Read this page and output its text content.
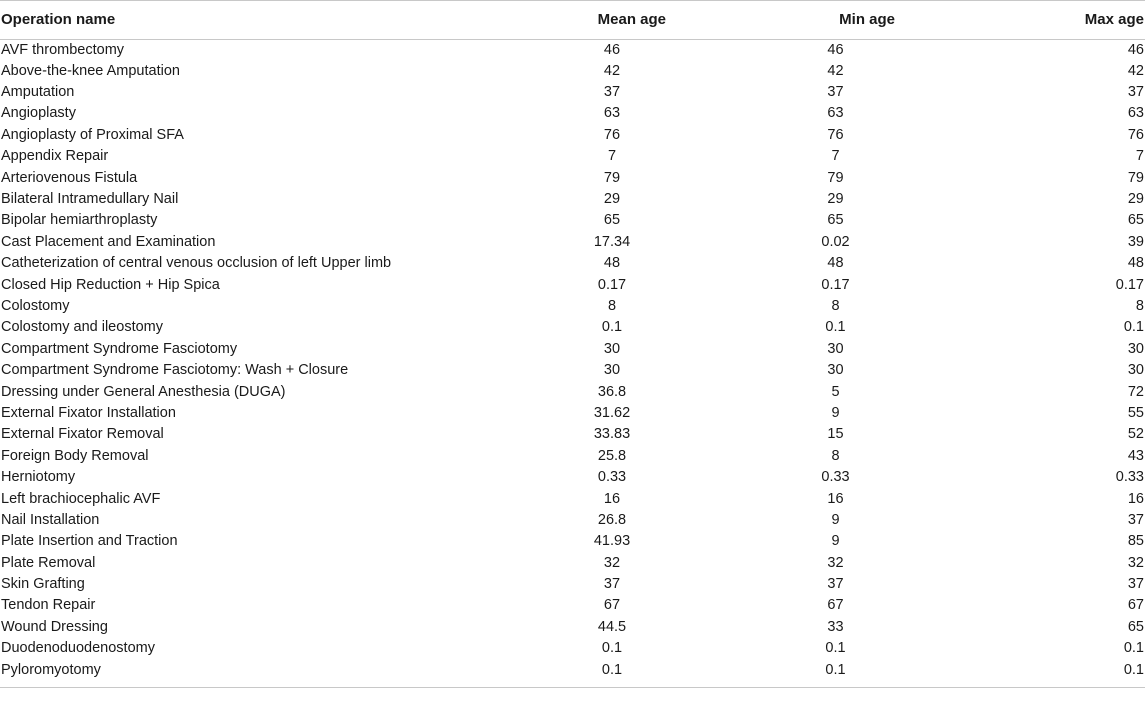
Operation name	Mean age	Min age	Max age
AVF thrombectomy	46	46	46
Above-the-knee Amputation	42	42	42
Amputation	37	37	37
Angioplasty	63	63	63
Angioplasty of Proximal SFA	76	76	76
Appendix Repair	7	7	7
Arteriovenous Fistula	79	79	79
Bilateral Intramedullary Nail	29	29	29
Bipolar hemiarthroplasty	65	65	65
Cast Placement and Examination	17.34	0.02	39
Catheterization of central venous occlusion of left Upper limb	48	48	48
Closed Hip Reduction + Hip Spica	0.17	0.17	0.17
Colostomy	8	8	8
Colostomy and ileostomy	0.1	0.1	0.1
Compartment Syndrome Fasciotomy	30	30	30
Compartment Syndrome Fasciotomy: Wash + Closure	30	30	30
Dressing under General Anesthesia (DUGA)	36.8	5	72
External Fixator Installation	31.62	9	55
External Fixator Removal	33.83	15	52
Foreign Body Removal	25.8	8	43
Herniotomy	0.33	0.33	0.33
Left brachiocephalic AVF	16	16	16
Nail Installation	26.8	9	37
Plate Insertion and Traction	41.93	9	85
Plate Removal	32	32	32
Skin Grafting	37	37	37
Tendon Repair	67	67	67
Wound Dressing	44.5	33	65
Duodenoduodenostomy	0.1	0.1	0.1
Pyloromyotomy	0.1	0.1	0.1
